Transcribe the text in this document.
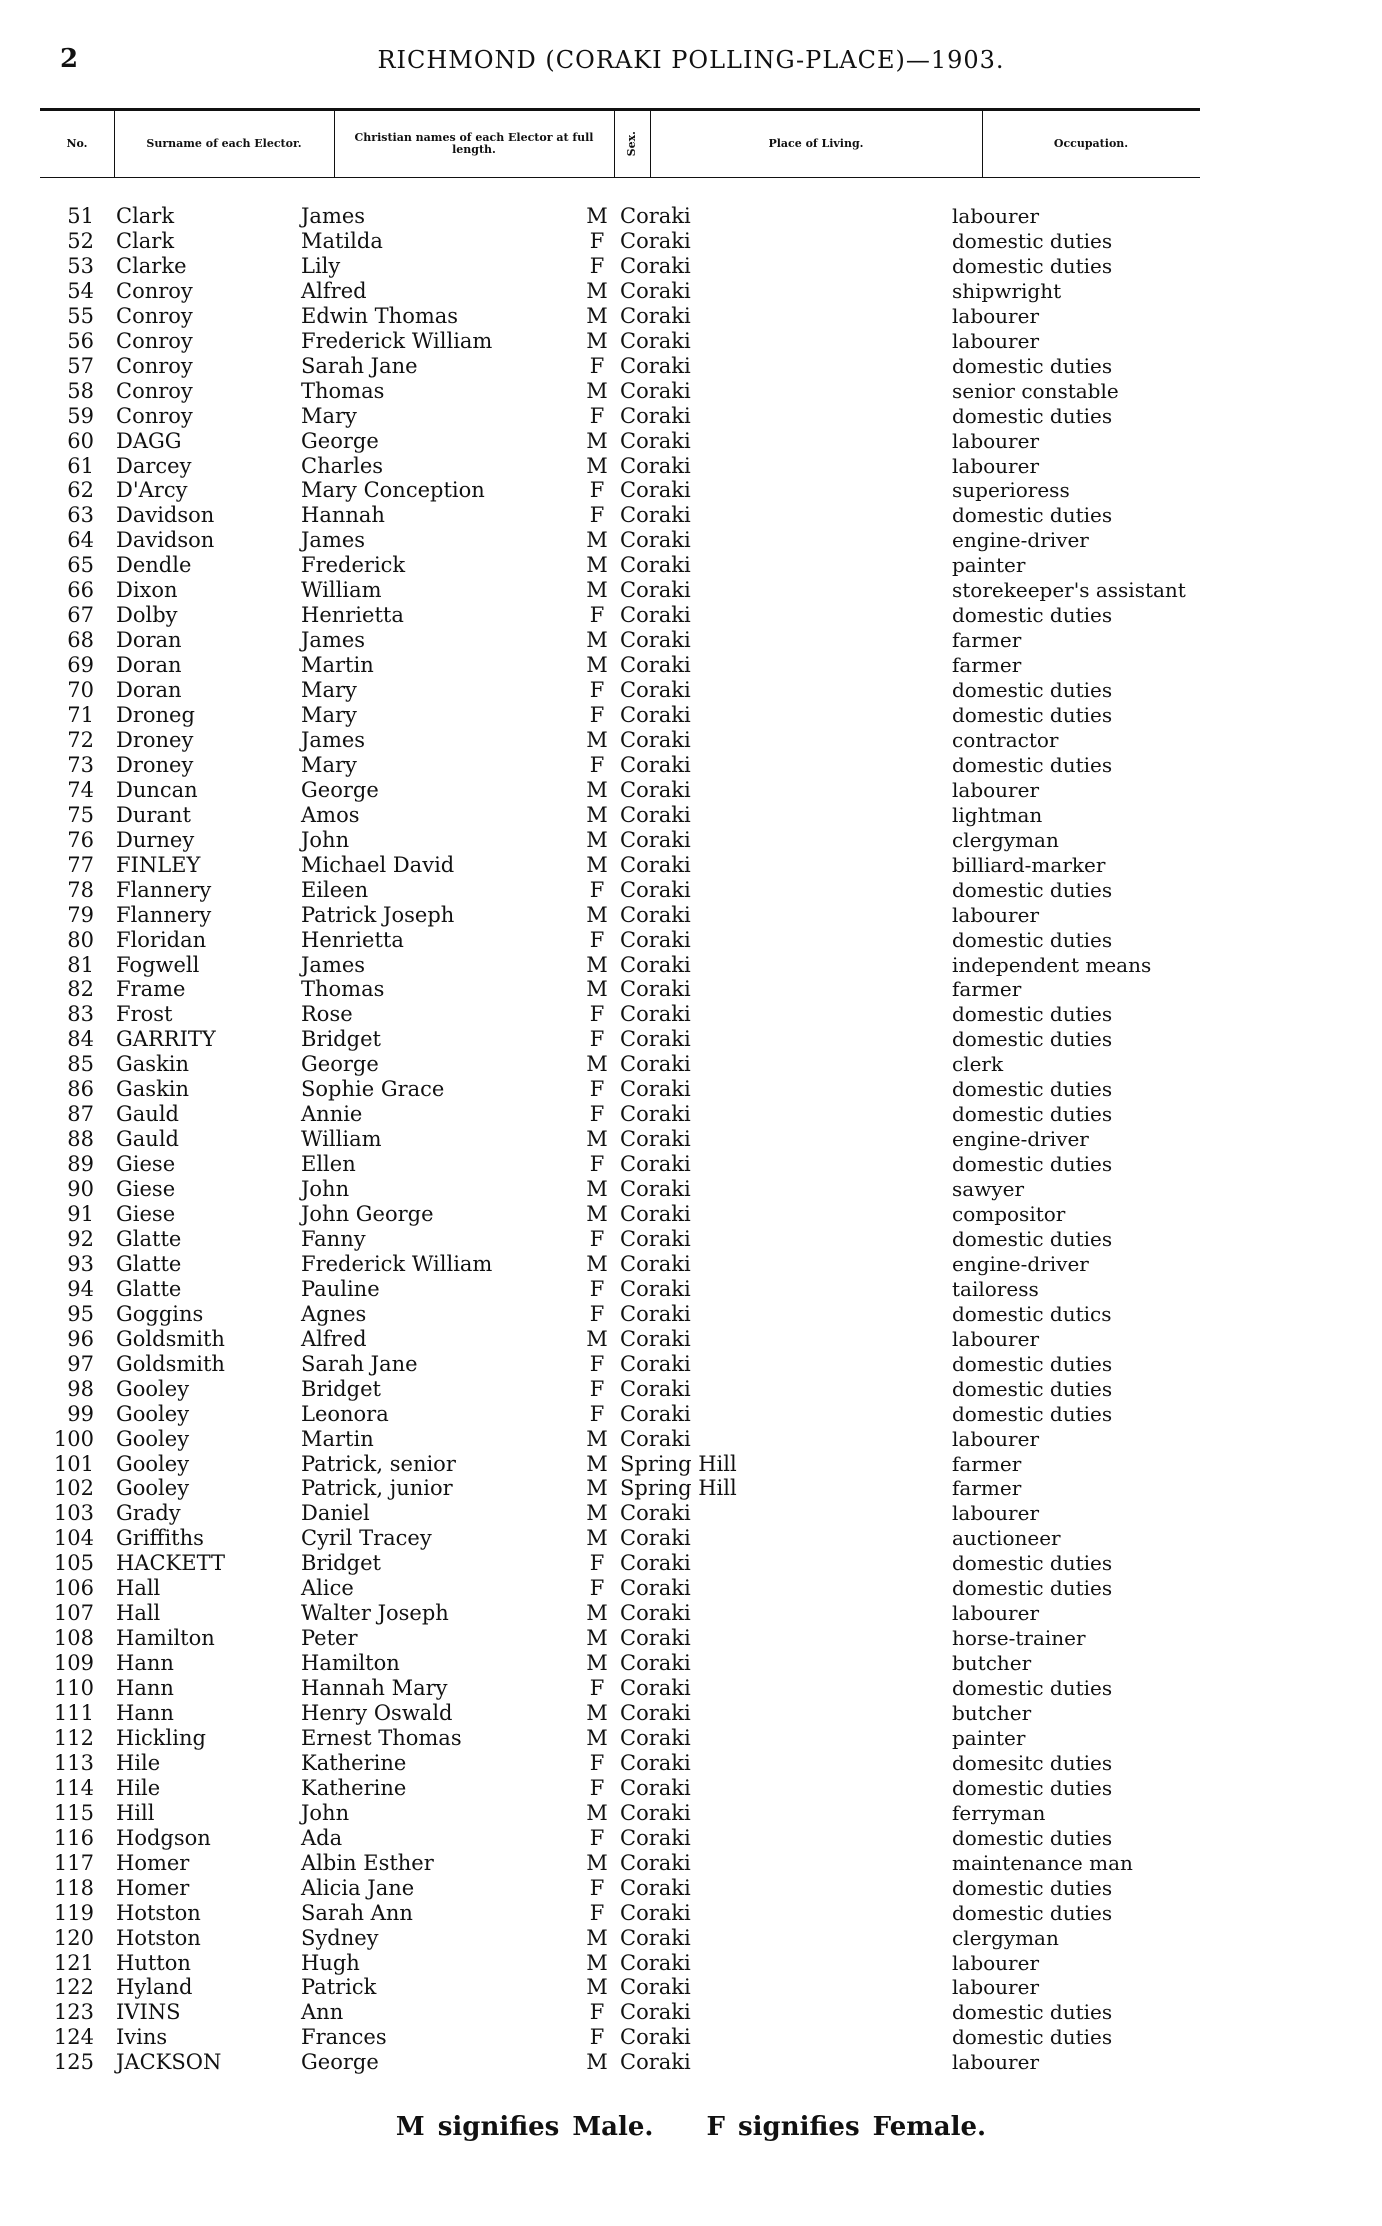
2	RICHMOND (CORAKI POLLING-PLACE)—1903.
No.	Surname of each Elector.	Christian names of each Elector at full length.	Sex.	Place of Living.	Occupation.
51 Clark	James	M Coraki	labourer
52 Clark	Matilda	F Coraki	domestic duties
53 Clarke	Lily	F Coraki	domestic duties
54 Conroy	Alfred	M Coraki	shipwright
55 Conroy	Edwin Thomas	M Coraki	labourer
56 Conroy	Frederick William	M Coraki	labourer
57 Conroy	Sarah Jane	F Coraki	domestic duties
58 Conroy	Thomas	M Coraki	senior constable
59 Conroy	Mary	F Coraki	domestic duties
60 DAGG	George	M Coraki	labourer
61 Darcey	Charles	M Coraki	labourer
62 D'Arcy	Mary Conception	F Coraki	superioress
63 Davidson	Hannah	F Coraki	domestic duties
64 Davidson	James	M Coraki	engine-driver
65 Dendle	Frederick	M Coraki	painter
66 Dixon	William	M Coraki	storekeeper's assistant
67 Dolby	Henrietta	F Coraki	domestic duties
68 Doran	James	M Coraki	farmer
69 Doran	Martin	M Coraki	farmer
70 Doran	Mary	F Coraki	domestic duties
71 Droneg	Mary	F Coraki	domestic duties
72 Droney	James	M Coraki	contractor
73 Droney	Mary	F Coraki	domestic duties
74 Duncan	George	M Coraki	labourer
75 Durant	Amos	M Coraki	lightman
76 Durney	John	M Coraki	clergyman
77 FINLEY	Michael David	M Coraki	billiard-marker
78 Flannery	Eileen	F Coraki	domestic duties
79 Flannery	Patrick Joseph	M Coraki	labourer
80 Floridan	Henrietta	F Coraki	domestic duties
81 Fogwell	James	M Coraki	independent means
82 Frame	Thomas	M Coraki	farmer
83 Frost	Rose	F Coraki	domestic duties
84 GARRITY	Bridget	F Coraki	domestic duties
85 Gaskin	George	M Coraki	clerk
86 Gaskin	Sophie Grace	F Coraki	domestic duties
87 Gauld	Annie	F Coraki	domestic duties
88 Gauld	William	M Coraki	engine-driver
89 Giese	Ellen	F Coraki	domestic duties
90 Giese	John	M Coraki	sawyer
91 Giese	John George	M Coraki	compositor
92 Glatte	Fanny	F Coraki	domestic duties
93 Glatte	Frederick William	M Coraki	engine-driver
94 Glatte	Pauline	F Coraki	tailoress
95 Goggins	Agnes	F Coraki	domestic dutics
96 Goldsmith	Alfred	M Coraki	labourer
97 Goldsmith	Sarah Jane	F Coraki	domestic duties
98 Gooley	Bridget	F Coraki	domestic duties
99 Gooley	Leonora	F Coraki	domestic duties
100 Gooley	Martin	M Coraki	labourer
101 Gooley	Patrick, senior	M Spring Hill	farmer
102 Gooley	Patrick, junior	M Spring Hill	farmer
103 Grady	Daniel	M Coraki	labourer
104 Griffiths	Cyril Tracey	M Coraki	auctioneer
105 HACKETT	Bridget	F Coraki	domestic duties
106 Hall	Alice	F Coraki	domestic duties
107 Hall	Walter Joseph	M Coraki	labourer
108 Hamilton	Peter	M Coraki	horse-trainer
109 Hann	Hamilton	M Coraki	butcher
110 Hann	Hannah Mary	F Coraki	domestic duties
111 Hann	Henry Oswald	M Coraki	butcher
112 Hickling	Ernest Thomas	M Coraki	painter
113 Hile	Katherine	F Coraki	domesitc duties
114 Hile	Katherine	F Coraki	domestic duties
115 Hill	John	M Coraki	ferryman
116 Hodgson	Ada	F Coraki	domestic duties
117 Homer	Albin Esther	M Coraki	maintenance man
118 Homer	Alicia Jane	F Coraki	domestic duties
119 Hotston	Sarah Ann	F Coraki	domestic duties
120 Hotston	Sydney	M Coraki	clergyman
121 Hutton	Hugh	M Coraki	labourer
122 Hyland	Patrick	M Coraki	labourer
123 IVINS	Ann	F Coraki	domestic duties
124 Ivins	Frances	F Coraki	domestic duties
125 JACKSON	George	M Coraki	labourer
M signifies Male. F signifies Female.
